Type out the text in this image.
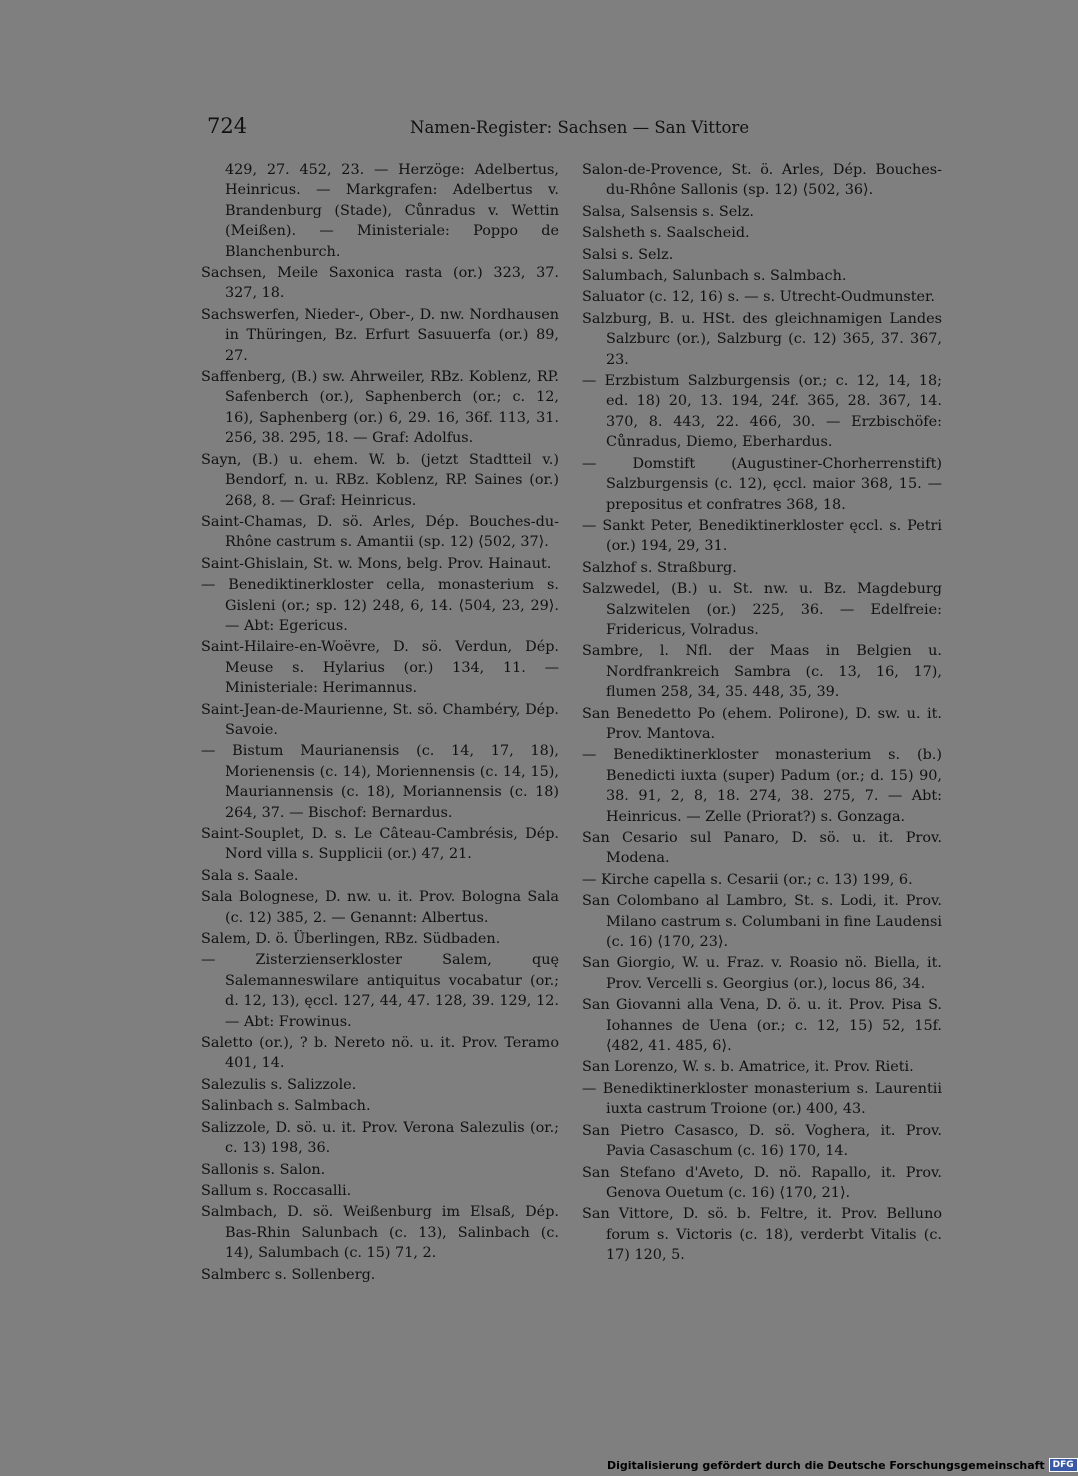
724	Namen-Register: Sachsen — San Vittore

429, 27. 452, 23. — Herzöge: Adelbertus, Heinricus. — Markgrafen: Adelbertus v. Brandenburg (Stade), Cůnradus v. Wettin (Meißen). — Ministeriale: Poppo de Blanchenburch.

Sachsen, Meile Saxonica rasta (or.) 323, 37. 327, 18.

Sachswerfen, Nieder-, Ober-, D. nw. Nordhausen in Thüringen, Bz. Erfurt Sasuuerfa (or.) 89, 27.

Saffenberg, (B.) sw. Ahrweiler, RBz. Koblenz, RP. Safenberch (or.), Saphenberch (or.; c. 12, 16), Saphenberg (or.) 6, 29. 16, 36f. 113, 31. 256, 38. 295, 18. — Graf: Adolfus.

Sayn, (B.) u. ehem. W. b. (jetzt Stadtteil v.) Bendorf, n. u. RBz. Koblenz, RP. Saines (or.) 268, 8. — Graf: Heinricus.

Saint-Chamas, D. sö. Arles, Dép. Bouches-du-Rhône castrum s. Amantii (sp. 12) ⟨502, 37⟩.

Saint-Ghislain, St. w. Mons, belg. Prov. Hainaut.

— Benediktinerkloster cella, monasterium s. Gisleni (or.; sp. 12) 248, 6, 14. ⟨504, 23, 29⟩. — Abt: Egericus.

Saint-Hilaire-en-Woëvre, D. sö. Verdun, Dép. Meuse s. Hylarius (or.) 134, 11. — Ministeriale: Herimannus.

Saint-Jean-de-Maurienne, St. sö. Chambéry, Dép. Savoie.

— Bistum Maurianensis (c. 14, 17, 18), Morienensis (c. 14), Moriennensis (c. 14, 15), Mauriannensis (c. 18), Moriannensis (c. 18) 264, 37. — Bischof: Bernardus.

Saint-Souplet, D. s. Le Câteau-Cambrésis, Dép. Nord villa s. Supplicii (or.) 47, 21.

Sala s. Saale.

Sala Bolognese, D. nw. u. it. Prov. Bologna Sala (c. 12) 385, 2. — Genannt: Albertus.

Salem, D. ö. Überlingen, RBz. Südbaden.

— Zisterzienserkloster Salem, quę Salemanneswilare antiquitus vocabatur (or.; d. 12, 13), ęccl. 127, 44, 47. 128, 39. 129, 12. — Abt: Frowinus.

Saletto (or.), ? b. Nereto nö. u. it. Prov. Teramo 401, 14.

Salezulis s. Salizzole.

Salinbach s. Salmbach.

Salizzole, D. sö. u. it. Prov. Verona Salezulis (or.; c. 13) 198, 36.

Sallonis s. Salon.

Sallum s. Roccasalli.

Salmbach, D. sö. Weißenburg im Elsaß, Dép. Bas-Rhin Salunbach (c. 13), Salinbach (c. 14), Salumbach (c. 15) 71, 2.

Salmberc s. Sollenberg.

Salon-de-Provence, St. ö. Arles, Dép. Bouches-du-Rhône Sallonis (sp. 12) ⟨502, 36⟩.

Salsa, Salsensis s. Selz.

Salsheth s. Saalscheid.

Salsi s. Selz.

Salumbach, Salunbach s. Salmbach.

Saluator (c. 12, 16) s. — s. Utrecht-Oudmunster.

Salzburg, B. u. HSt. des gleichnamigen Landes Salzburc (or.), Salzburg (c. 12) 365, 37. 367, 23.

— Erzbistum Salzburgensis (or.; c. 12, 14, 18; ed. 18) 20, 13. 194, 24f. 365, 28. 367, 14. 370, 8. 443, 22. 466, 30. — Erzbischöfe: Cůnradus, Diemo, Eberhardus.

— Domstift (Augustiner-Chorherrenstift) Salzburgensis (c. 12), ęccl. maior 368, 15. — prepositus et confratres 368, 18.

— Sankt Peter, Benediktinerkloster ęccl. s. Petri (or.) 194, 29, 31.

Salzhof s. Straßburg.

Salzwedel, (B.) u. St. nw. u. Bz. Magdeburg Salzwitelen (or.) 225, 36. — Edelfreie: Fridericus, Volradus.

Sambre, l. Nfl. der Maas in Belgien u. Nordfrankreich Sambra (c. 13, 16, 17), flumen 258, 34, 35. 448, 35, 39.

San Benedetto Po (ehem. Polirone), D. sw. u. it. Prov. Mantova.

— Benediktinerkloster monasterium s. (b.) Benedicti iuxta (super) Padum (or.; d. 15) 90, 38. 91, 2, 8, 18. 274, 38. 275, 7. — Abt: Heinricus. — Zelle (Priorat?) s. Gonzaga.

San Cesario sul Panaro, D. sö. u. it. Prov. Modena.

— Kirche capella s. Cesarii (or.; c. 13) 199, 6.

San Colombano al Lambro, St. s. Lodi, it. Prov. Milano castrum s. Columbani in fine Laudensi (c. 16) ⟨170, 23⟩.

San Giorgio, W. u. Fraz. v. Roasio nö. Biella, it. Prov. Vercelli s. Georgius (or.), locus 86, 34.

San Giovanni alla Vena, D. ö. u. it. Prov. Pisa S. Iohannes de Uena (or.; c. 12, 15) 52, 15f. ⟨482, 41. 485, 6⟩.

San Lorenzo, W. s. b. Amatrice, it. Prov. Rieti.

— Benediktinerkloster monasterium s. Laurentii iuxta castrum Troione (or.) 400, 43.

San Pietro Casasco, D. sö. Voghera, it. Prov. Pavia Casaschum (c. 16) 170, 14.

San Stefano d'Aveto, D. nö. Rapallo, it. Prov. Genova Ouetum (c. 16) ⟨170, 21⟩.

San Vittore, D. sö. b. Feltre, it. Prov. Belluno forum s. Victoris (c. 18), verderbt Vitalis (c. 17) 120, 5.

Digitalisierung gefördert durch die Deutsche Forschungsgemeinschaft DFG
